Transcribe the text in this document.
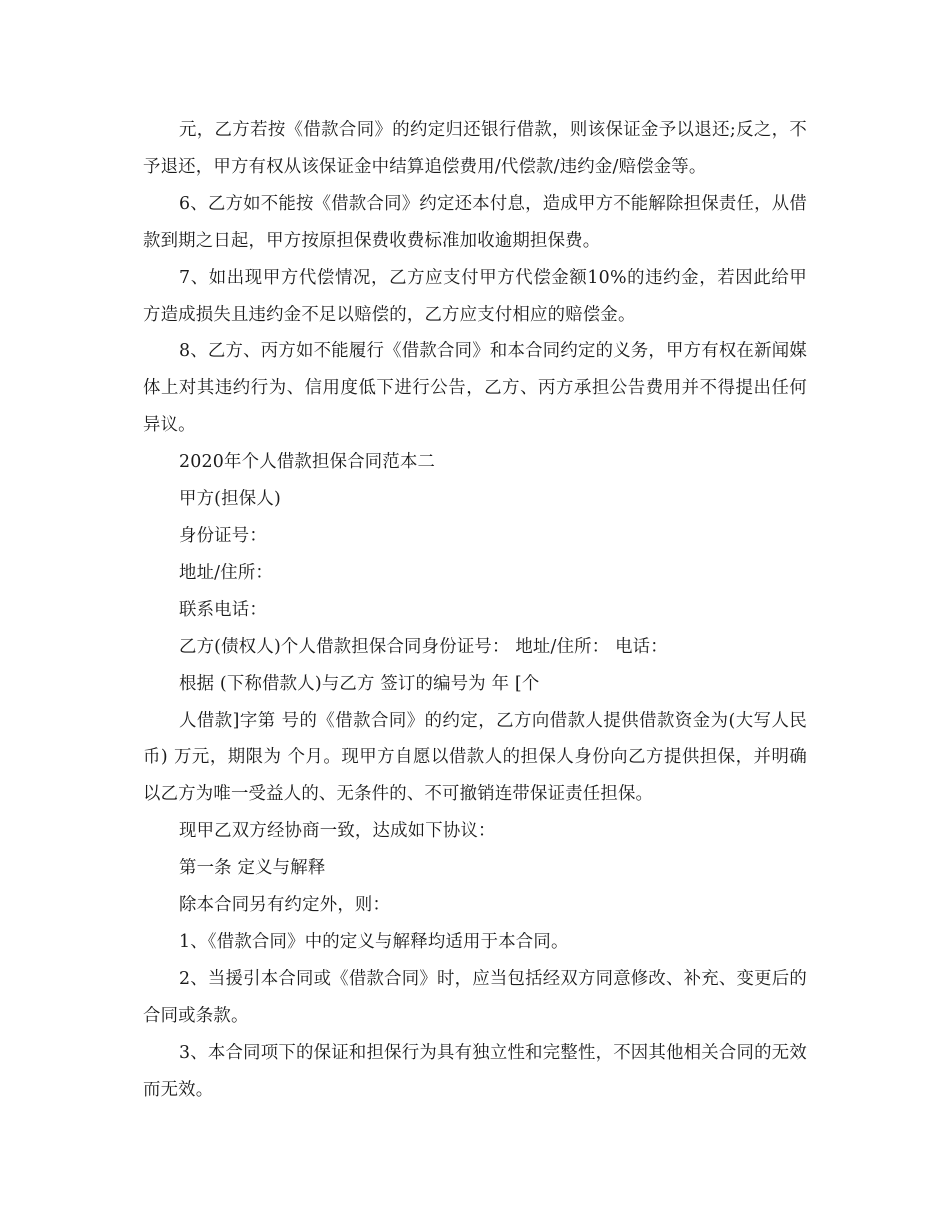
元，乙方若按《借款合同》的约定归还银行借款，则该保证金予以退还;反之，不予退还，甲方有权从该保证金中结算追偿费用/代偿款/违约金/赔偿金等。

6、乙方如不能按《借款合同》约定还本付息，造成甲方不能解除担保责任，从借款到期之日起，甲方按原担保费收费标准加收逾期担保费。

7、如出现甲方代偿情况，乙方应支付甲方代偿金额10%的违约金，若因此给甲方造成损失且违约金不足以赔偿的，乙方应支付相应的赔偿金。

8、乙方、丙方如不能履行《借款合同》和本合同约定的义务，甲方有权在新闻媒体上对其违约行为、信用度低下进行公告，乙方、丙方承担公告费用并不得提出任何异议。

2020年个人借款担保合同范本二

甲方(担保人)

身份证号：

地址/住所：

联系电话：

乙方(债权人)个人借款担保合同身份证号： 地址/住所： 电话：

根据 (下称借款人)与乙方 签订的编号为 年 [个

人借款]字第 号的《借款合同》的约定，乙方向借款人提供借款资金为(大写人民币) 万元，期限为 个月。现甲方自愿以借款人的担保人身份向乙方提供担保，并明确以乙方为唯一受益人的、无条件的、不可撤销连带保证责任担保。

现甲乙双方经协商一致，达成如下协议：

第一条 定义与解释

除本合同另有约定外，则：

1、《借款合同》中的定义与解释均适用于本合同。

2、当援引本合同或《借款合同》时，应当包括经双方同意修改、补充、变更后的合同或条款。

3、本合同项下的保证和担保行为具有独立性和完整性，不因其他相关合同的无效而无效。
